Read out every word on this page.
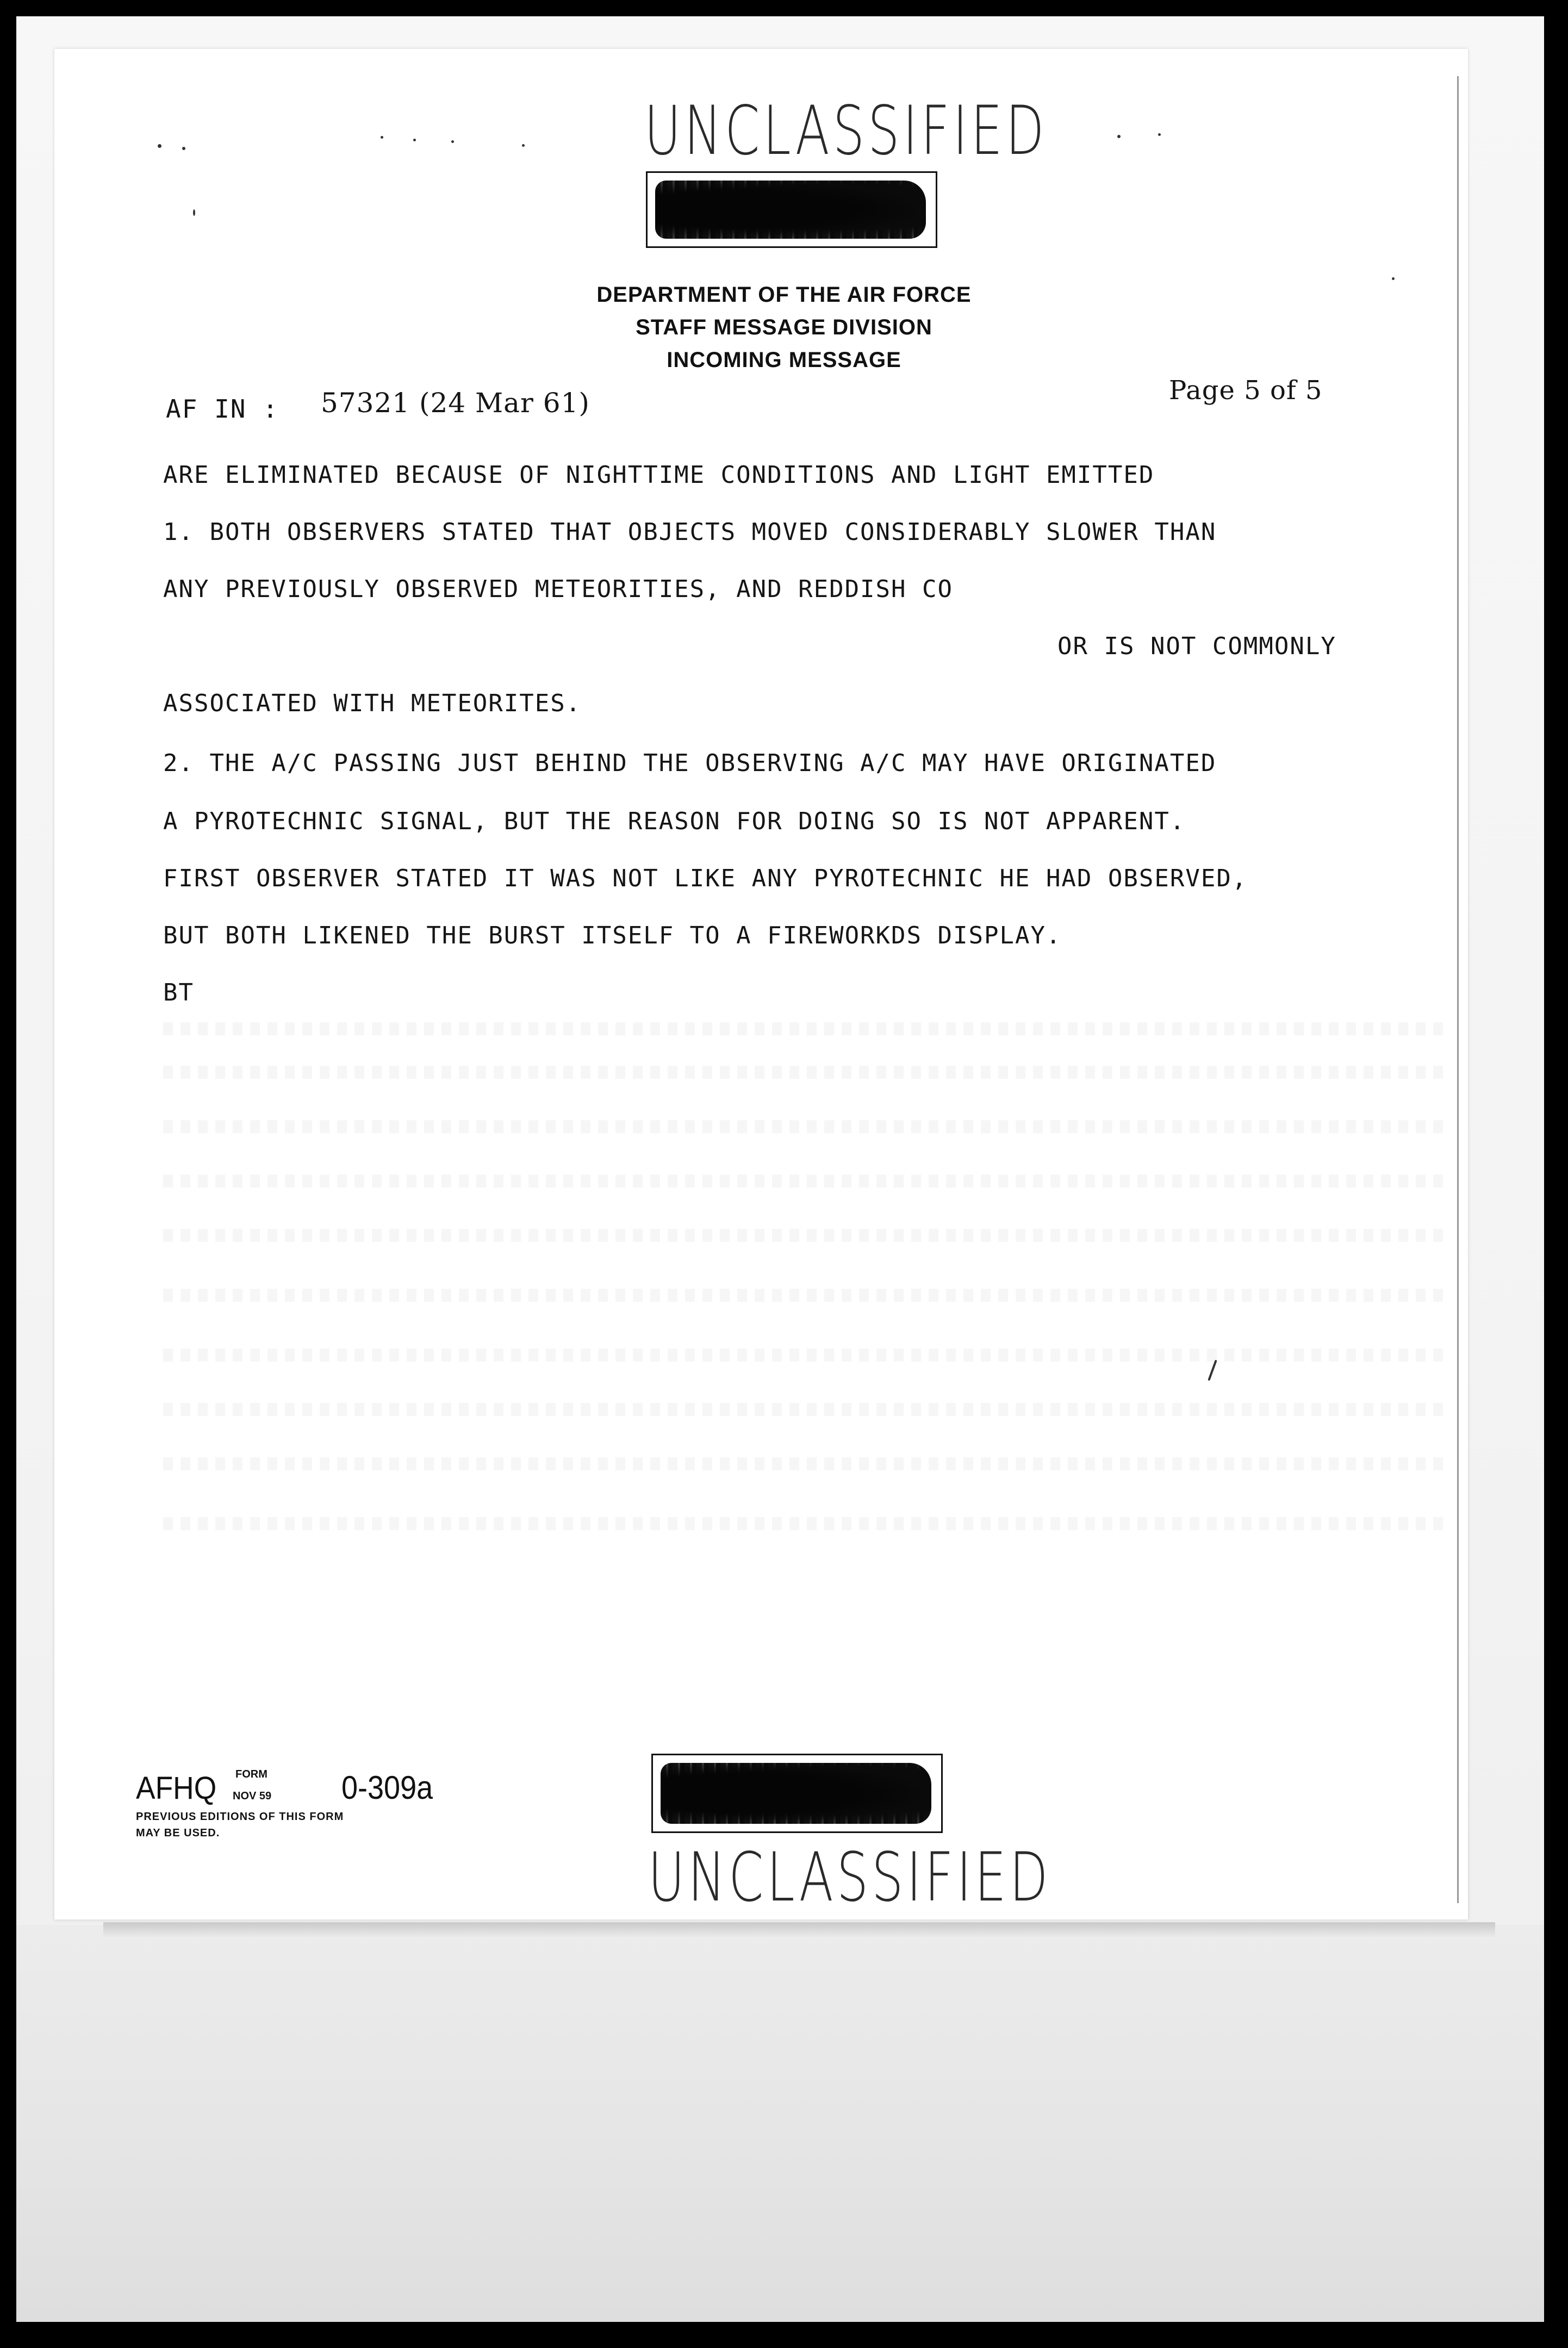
UNCLASSIFIED
DEPARTMENT OF THE AIR FORCE
STAFF MESSAGE DIVISION
INCOMING MESSAGE
AF IN : 57321 (24 Mar 61)	Page 5 of 5
ARE ELIMINATED BECAUSE OF NIGHTTIME CONDITIONS AND LIGHT EMITTED
1. BOTH OBSERVERS STATED THAT OBJECTS MOVED CONSIDERABLY SLOWER THAN
ANY PREVIOUSLY OBSERVED METEORITIES, AND REDDISH CO
OR IS NOT COMMONLY
ASSOCIATED WITH METEORITES.
2. THE A/C PASSING JUST BEHIND THE OBSERVING A/C MAY HAVE ORIGINATED
A PYROTECHNIC SIGNAL, BUT THE REASON FOR DOING SO IS NOT APPARENT.
FIRST OBSERVER STATED IT WAS NOT LIKE ANY PYROTECHNIC HE HAD OBSERVED,
BUT BOTH LIKENED THE BURST ITSELF TO A FIREWORKDS DISPLAY.
BT
AFHQ FORM
NOV 59 0-309a
PREVIOUS EDITIONS OF THIS FORM
MAY BE USED.
UNCLASSIFIED
